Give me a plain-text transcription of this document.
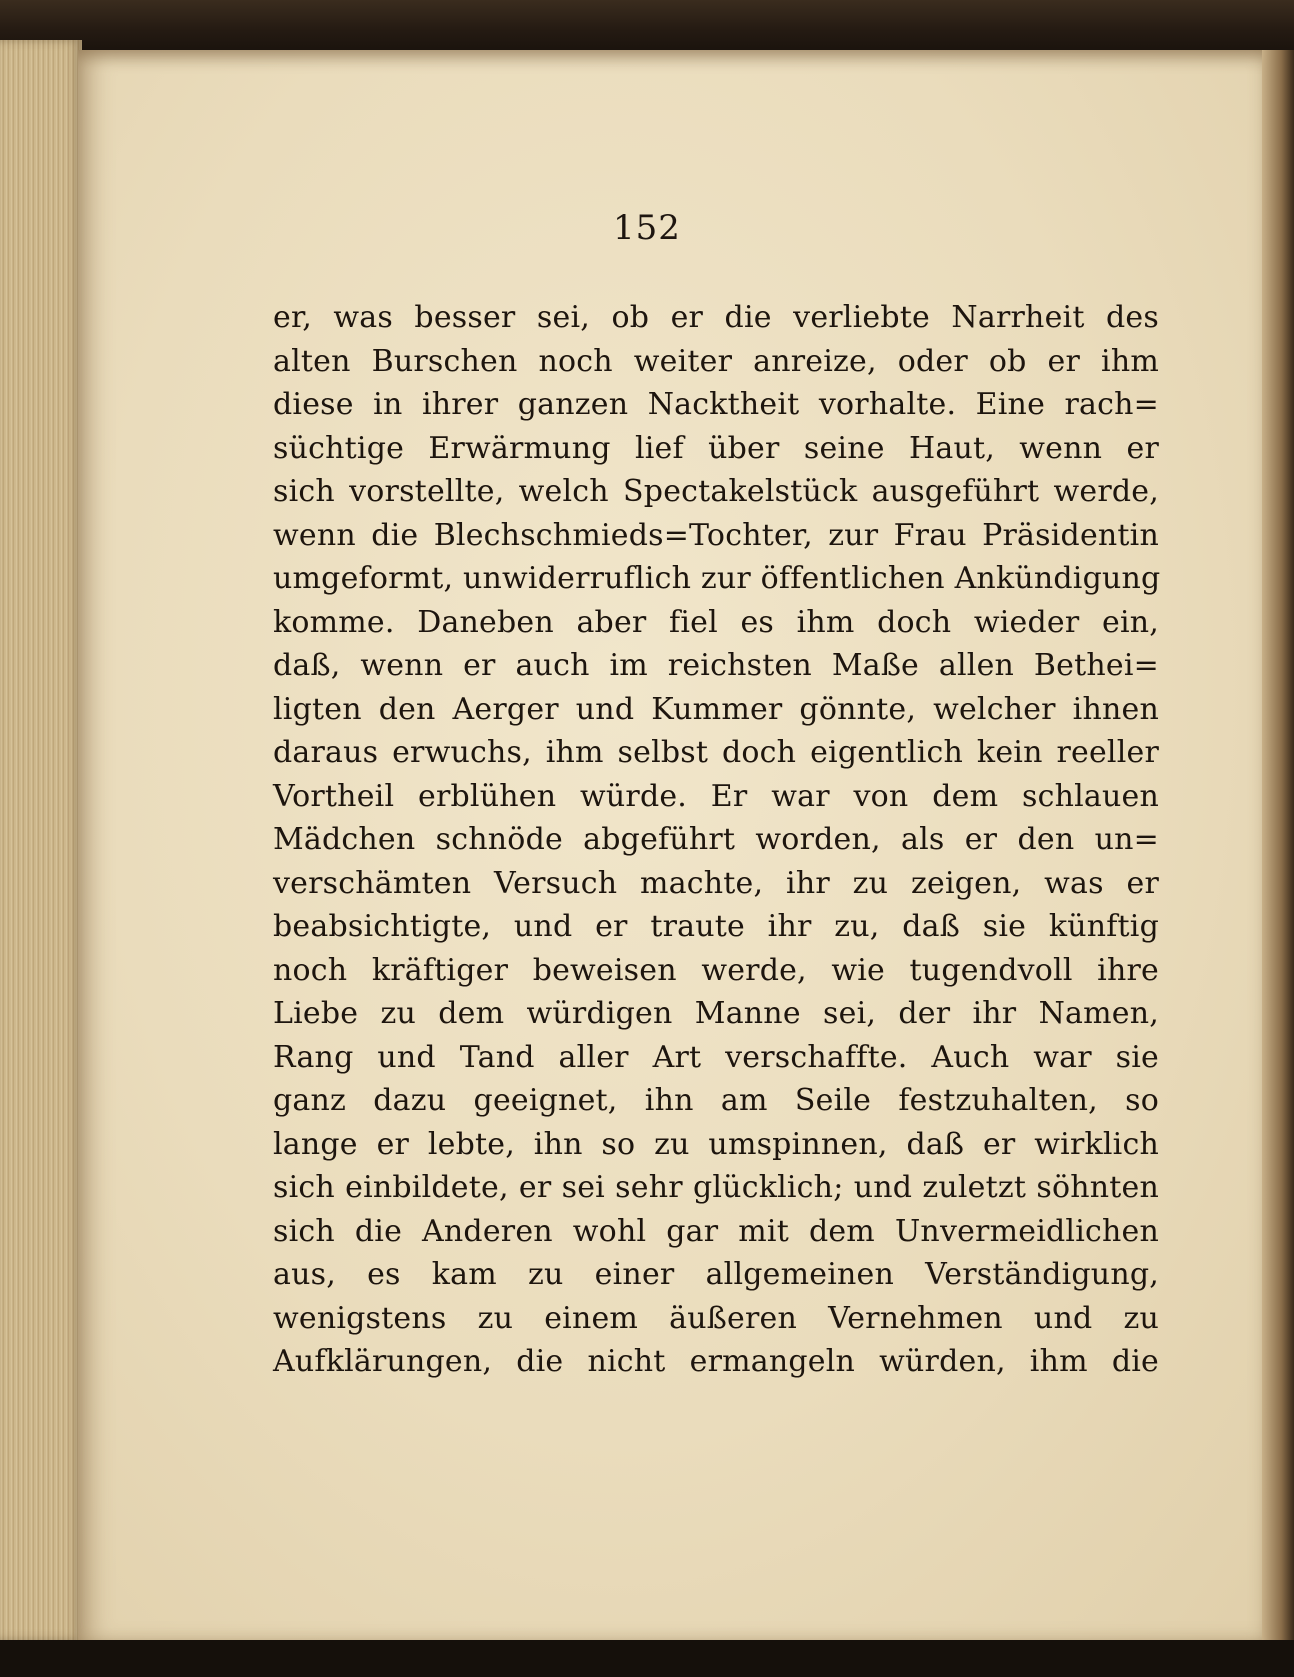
152
er, was besser sei, ob er die verliebte Narrheit des
alten Burschen noch weiter anreize, oder ob er ihm
diese in ihrer ganzen Nacktheit vorhalte. Eine rach=
süchtige Erwärmung lief über seine Haut, wenn er
sich vorstellte, welch Spectakelstück ausgeführt werde,
wenn die Blechschmieds=Tochter, zur Frau Präsidentin
umgeformt, unwiderruflich zur öffentlichen Ankündigung
komme. Daneben aber fiel es ihm doch wieder ein,
daß, wenn er auch im reichsten Maße allen Bethei=
ligten den Aerger und Kummer gönnte, welcher ihnen
daraus erwuchs, ihm selbst doch eigentlich kein reeller
Vortheil erblühen würde. Er war von dem schlauen
Mädchen schnöde abgeführt worden, als er den un=
verschämten Versuch machte, ihr zu zeigen, was er
beabsichtigte, und er traute ihr zu, daß sie künftig
noch kräftiger beweisen werde, wie tugendvoll ihre
Liebe zu dem würdigen Manne sei, der ihr Namen,
Rang und Tand aller Art verschaffte. Auch war sie
ganz dazu geeignet, ihn am Seile festzuhalten, so
lange er lebte, ihn so zu umspinnen, daß er wirklich
sich einbildete, er sei sehr glücklich; und zuletzt söhnten
sich die Anderen wohl gar mit dem Unvermeidlichen
aus, es kam zu einer allgemeinen Verständigung,
wenigstens zu einem äußeren Vernehmen und zu
Aufklärungen, die nicht ermangeln würden, ihm die
